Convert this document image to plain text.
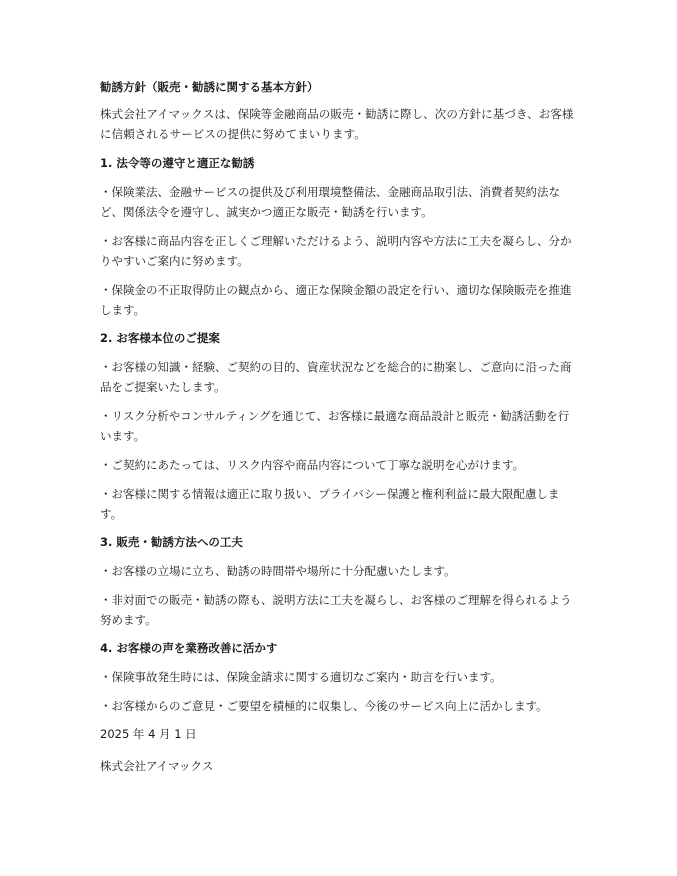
勧誘方針（販売・勧誘に関する基本方針）

株式会社アイマックスは、保険等金融商品の販売・勧誘に際し、次の方針に基づき、お客様に信頼されるサービスの提供に努めてまいります。

1. 法令等の遵守と適正な勧誘

・保険業法、金融サービスの提供及び利用環境整備法、金融商品取引法、消費者契約法など、関係法令を遵守し、誠実かつ適正な販売・勧誘を行います。

・お客様に商品内容を正しくご理解いただけるよう、説明内容や方法に工夫を凝らし、分かりやすいご案内に努めます。

・保険金の不正取得防止の観点から、適正な保険金額の設定を行い、適切な保険販売を推進します。

2. お客様本位のご提案

・お客様の知識・経験、ご契約の目的、資産状況などを総合的に勘案し、ご意向に沿った商品をご提案いたします。

・リスク分析やコンサルティングを通じて、お客様に最適な商品設計と販売・勧誘活動を行います。

・ご契約にあたっては、リスク内容や商品内容について丁寧な説明を心がけます。

・お客様に関する情報は適正に取り扱い、プライバシー保護と権利利益に最大限配慮します。

3. 販売・勧誘方法への工夫

・お客様の立場に立ち、勧誘の時間帯や場所に十分配慮いたします。

・非対面での販売・勧誘の際も、説明方法に工夫を凝らし、お客様のご理解を得られるよう努めます。

4. お客様の声を業務改善に活かす

・保険事故発生時には、保険金請求に関する適切なご案内・助言を行います。

・お客様からのご意見・ご要望を積極的に収集し、今後のサービス向上に活かします。

2025 年 4 月 1 日
株式会社アイマックス
